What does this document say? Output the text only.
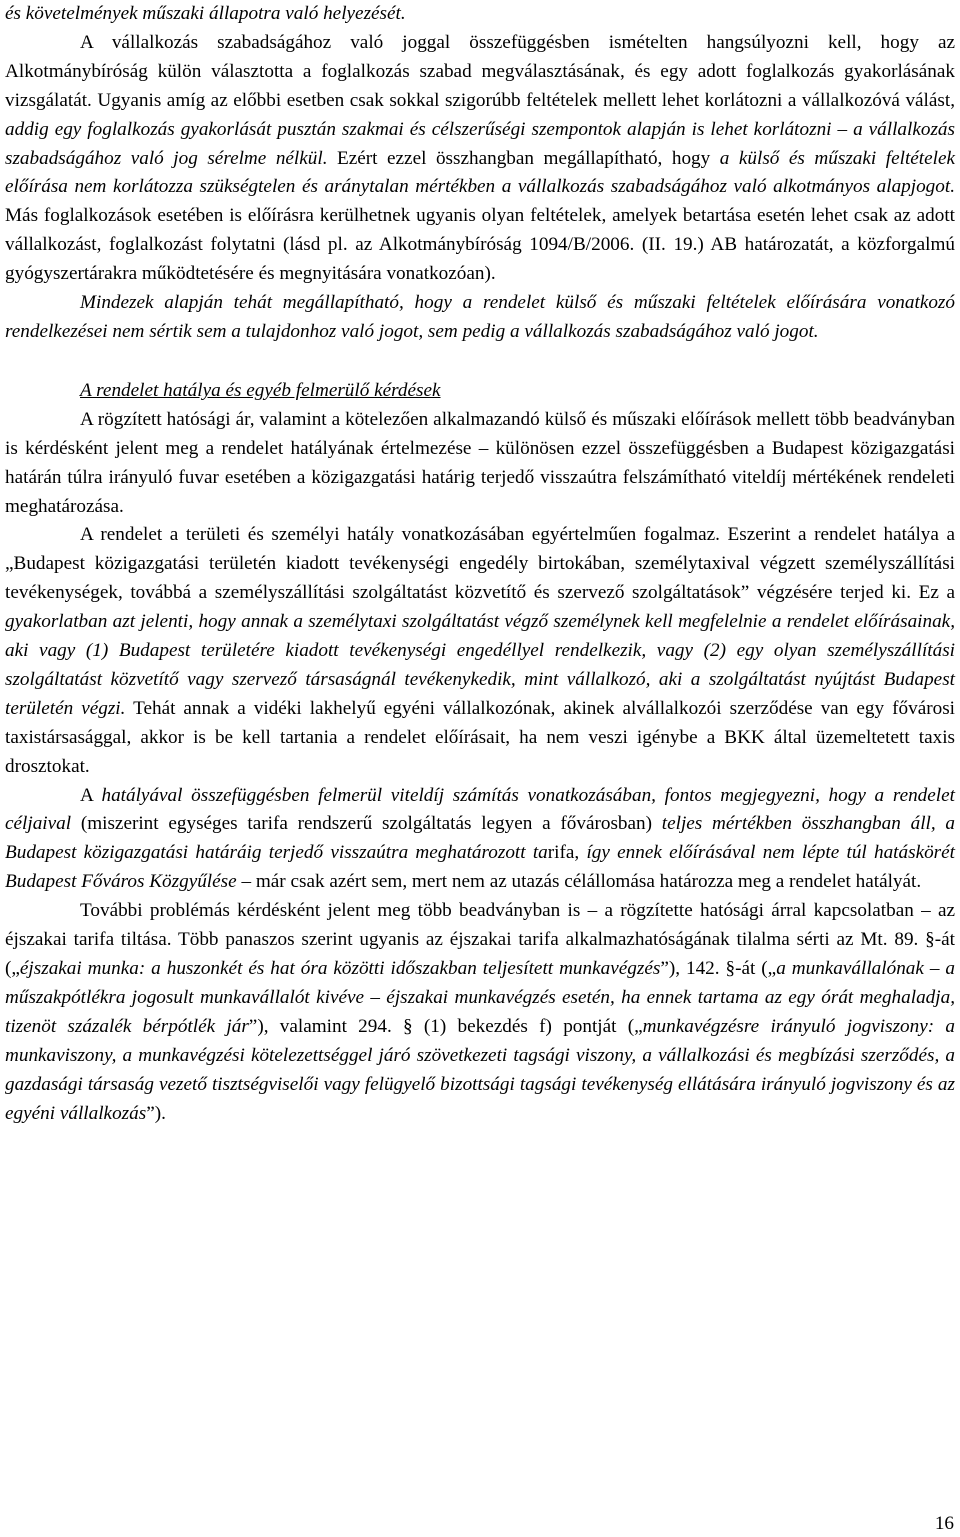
és követelmények műszaki állapotra való helyezését.

A vállalkozás szabadságához való joggal összefüggésben ismételten hangsúlyozni kell, hogy az Alkotmánybíróság külön választotta a foglalkozás szabad megválasztásának, és egy adott foglalkozás gyakorlásának vizsgálatát. Ugyanis amíg az előbbi esetben csak sokkal szigorúbb feltételek mellett lehet korlátozni a vállalkozóvá válást, addig egy foglalkozás gyakorlását pusztán szakmai és célszerűségi szempontok alapján is lehet korlátozni – a vállalkozás szabadságához való jog sérelme nélkül. Ezért ezzel összhangban megállapítható, hogy a külső és műszaki feltételek előírása nem korlátozza szükségtelen és aránytalan mértékben a vállalkozás szabadságához való alkotmányos alapjogot. Más foglalkozások esetében is előírásra kerülhetnek ugyanis olyan feltételek, amelyek betartása esetén lehet csak az adott vállalkozást, foglalkozást folytatni (lásd pl. az Alkotmánybíróság 1094/B/2006. (II. 19.) AB határozatát, a közforgalmú gyógyszertárakra működtetésére és megnyitására vonatkozóan).

Mindezek alapján tehát megállapítható, hogy a rendelet külső és műszaki feltételek előírására vonatkozó rendelkezései nem sértik sem a tulajdonhoz való jogot, sem pedig a vállalkozás szabadságához való jogot.

A rendelet hatálya és egyéb felmerülő kérdések

A rögzített hatósági ár, valamint a kötelezően alkalmazandó külső és műszaki előírások mellett több beadványban is kérdésként jelent meg a rendelet hatályának értelmezése – különösen ezzel összefüggésben a Budapest közigazgatási határán túlra irányuló fuvar esetében a közigazgatási határig terjedő visszaútra felszámítható viteldíj mértékének rendeleti meghatározása.

A rendelet a területi és személyi hatály vonatkozásában egyértelműen fogalmaz. Eszerint a rendelet hatálya a „Budapest közigazgatási területén kiadott tevékenységi engedély birtokában, személytaxival végzett személyszállítási tevékenységek, továbbá a személyszállítási szolgáltatást közvetítő és szervező szolgáltatások” végzésére terjed ki. Ez a gyakorlatban azt jelenti, hogy annak a személytaxi szolgáltatást végző személynek kell megfelelnie a rendelet előírásainak, aki vagy (1) Budapest területére kiadott tevékenységi engedéllyel rendelkezik, vagy (2) egy olyan személyszállítási szolgáltatást közvetítő vagy szervező társaságnál tevékenykedik, mint vállalkozó, aki a szolgáltatást nyújtást Budapest területén végzi. Tehát annak a vidéki lakhelyű egyéni vállalkozónak, akinek alvállalkozói szerződése van egy fővárosi taxistársasággal, akkor is be kell tartania a rendelet előírásait, ha nem veszi igénybe a BKK által üzemeltetett taxis drosztokat.

A hatályával összefüggésben felmerül viteldíj számítás vonatkozásában, fontos megjegyezni, hogy a rendelet céljaival (miszerint egységes tarifa rendszerű szolgáltatás legyen a fővárosban) teljes mértékben összhangban áll, a Budapest közigazgatási határáig terjedő visszaútra meghatározott tarifa, így ennek előírásával nem lépte túl hatáskörét Budapest Főváros Közgyűlése – már csak azért sem, mert nem az utazás célállomása határozza meg a rendelet hatályát.

További problémás kérdésként jelent meg több beadványban is – a rögzítette hatósági árral kapcsolatban – az éjszakai tarifa tiltása. Több panaszos szerint ugyanis az éjszakai tarifa alkalmazhatóságának tilalma sérti az Mt. 89. §-át („éjszakai munka: a huszonkét és hat óra közötti időszakban teljesített munkavégzés”), 142. §-át („a munkavállalónak – a műszakpótlékra jogosult munkavállalót kivéve – éjszakai munkavégzés esetén, ha ennek tartama az egy órát meghaladja, tizenöt százalék bérpótlék jár”), valamint 294. § (1) bekezdés f) pontját („munkavégzésre irányuló jogviszony: a munkaviszony, a munkavégzési kötelezettséggel járó szövetkezeti tagsági viszony, a vállalkozási és megbízási szerződés, a gazdasági társaság vezető tisztségviselői vagy felügyelő bizottsági tagsági tevékenység ellátására irányuló jogviszony és az egyéni vállalkozás”).

16
